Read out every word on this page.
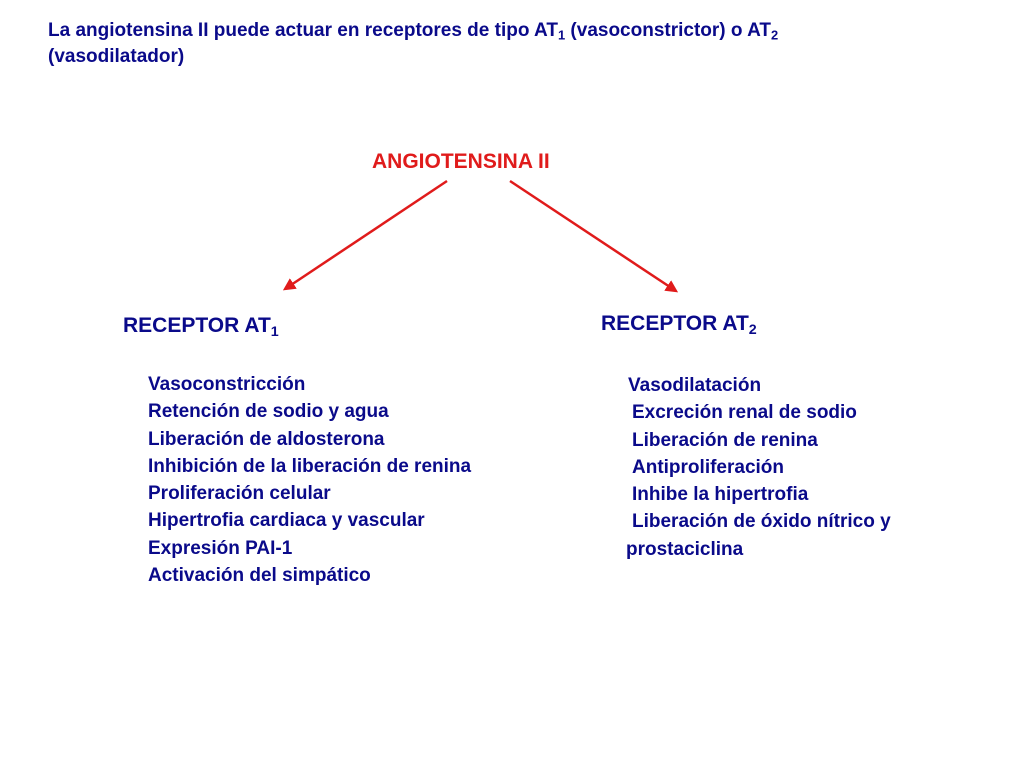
La angiotensina II puede actuar en receptores de tipo $AT_1$ (vasoconstrictor) o $AT_2$
(vasodilatador)
ANGIOTENSINA II
RECEPTOR $AT_1$	RECEPTOR $AT_2$
Vasoconstricción
Retención de sodio y agua
Liberación de aldosterona
Inhibición de la liberación de renina
Proliferación celular
Hipertrofia cardiaca y vascular
Expresión PAI-1
Activación del simpático
Vasodilatación
Excreción renal de sodio
Liberación de renina
Antiproliferación
Inhibe la hipertrofia
Liberación de óxido nítrico y
prostaciclina
